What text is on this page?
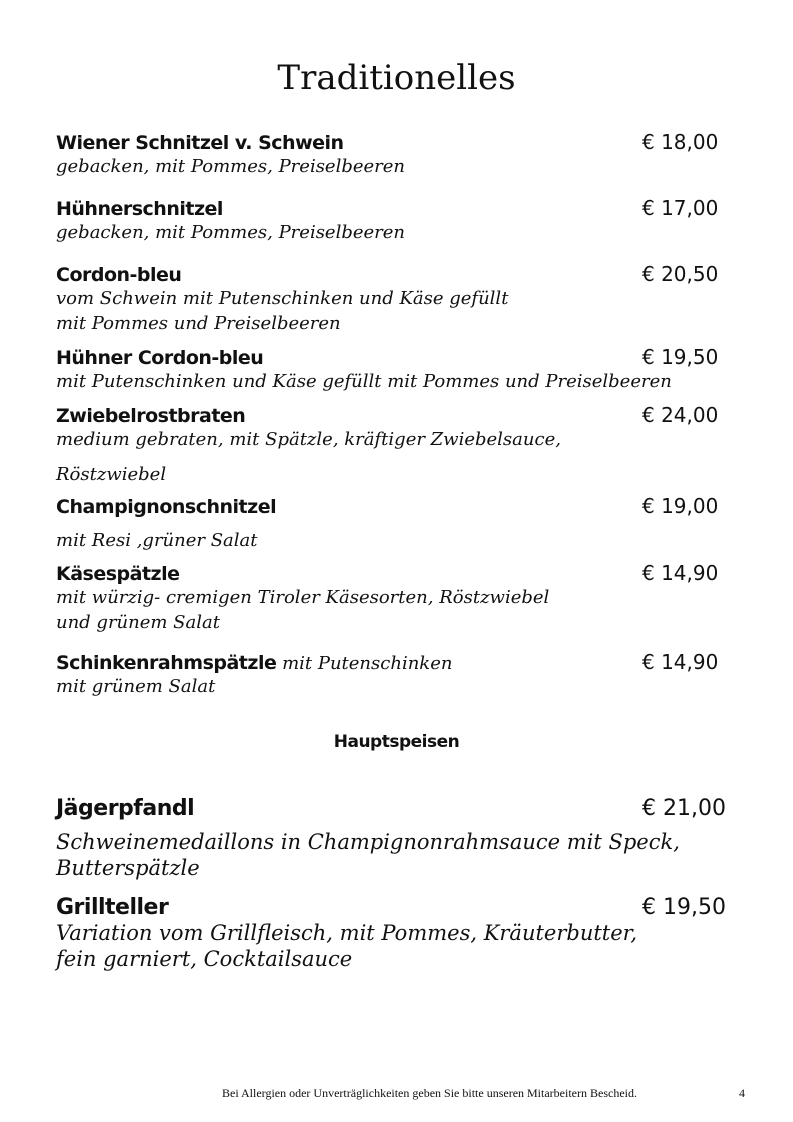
Traditionelles
Wiener Schnitzel v. Schwein	€ 18,00
gebacken, mit Pommes, Preiselbeeren
Hühnerschnitzel	€ 17,00
gebacken, mit Pommes, Preiselbeeren
Cordon-bleu	€ 20,50
vom Schwein mit Putenschinken und Käse gefüllt
mit Pommes und Preiselbeeren
Hühner Cordon-bleu	€ 19,50
mit Putenschinken und Käse gefüllt mit Pommes und Preiselbeeren
Zwiebelrostbraten	€ 24,00
medium gebraten, mit Spätzle, kräftiger Zwiebelsauce,
Röstzwiebel
Champignonschnitzel	€ 19,00
mit Resi ,grüner Salat
Käsespätzle	€ 14,90
mit würzig- cremigen Tiroler Käsesorten, Röstzwiebel
und grünem Salat
Schinkenrahmspätzle mit Putenschinken	€ 14,90
mit grünem Salat
Hauptspeisen
Jägerpfandl	€ 21,00
Schweinemedaillons in Champignonrahmsauce mit Speck,
Butterspätzle
Grillteller	€ 19,50
Variation vom Grillfleisch, mit Pommes, Kräuterbutter,
fein garniert, Cocktailsauce
Bei Allergien oder Unverträglichkeiten geben Sie bitte unseren Mitarbeitern Bescheid.	4
